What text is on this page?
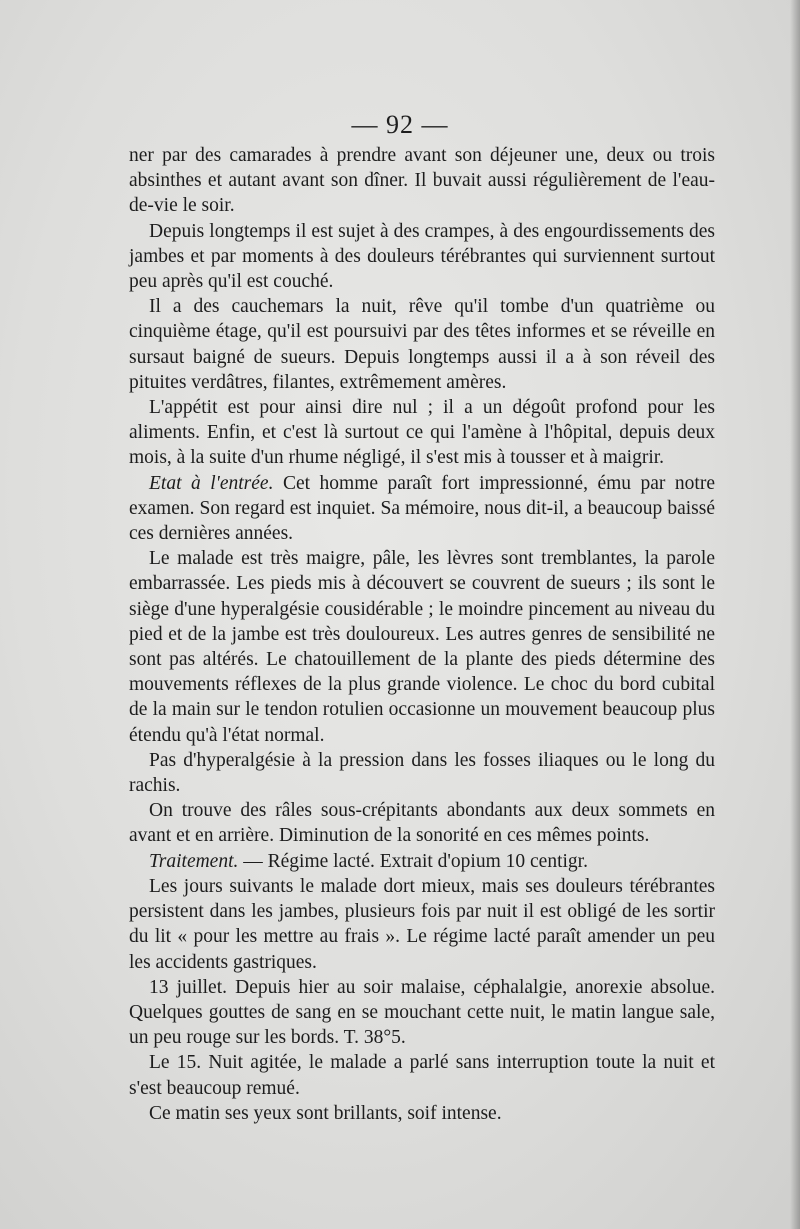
— 92 —

ner par des camarades à prendre avant son déjeuner une, deux ou trois absinthes et autant avant son dîner. Il buvait aussi régulièrement de l'eau-de-vie le soir.

Depuis longtemps il est sujet à des crampes, à des engourdissements des jambes et par moments à des douleurs térébrantes qui surviennent surtout peu après qu'il est couché.

Il a des cauchemars la nuit, rêve qu'il tombe d'un quatrième ou cinquième étage, qu'il est poursuivi par des têtes informes et se réveille en sursaut baigné de sueurs. Depuis longtemps aussi il a à son réveil des pituites verdâtres, filantes, extrêmement amères.

L'appétit est pour ainsi dire nul ; il a un dégoût profond pour les aliments. Enfin, et c'est là surtout ce qui l'amène à l'hôpital, depuis deux mois, à la suite d'un rhume négligé, il s'est mis à tousser et à maigrir.

Etat à l'entrée. Cet homme paraît fort impressionné, ému par notre examen. Son regard est inquiet. Sa mémoire, nous dit-il, a beaucoup baissé ces dernières années.

Le malade est très maigre, pâle, les lèvres sont tremblantes, la parole embarrassée. Les pieds mis à découvert se couvrent de sueurs ; ils sont le siège d'une hyperalgésie cousidérable ; le moindre pincement au niveau du pied et de la jambe est très douloureux. Les autres genres de sensibilité ne sont pas altérés. Le chatouillement de la plante des pieds détermine des mouvements réflexes de la plus grande violence. Le choc du bord cubital de la main sur le tendon rotulien occasionne un mouvement beaucoup plus étendu qu'à l'état normal.

Pas d'hyperalgésie à la pression dans les fosses iliaques ou le long du rachis.

On trouve des râles sous-crépitants abondants aux deux sommets en avant et en arrière. Diminution de la sonorité en ces mêmes points.

Traitement. — Régime lacté. Extrait d'opium 10 centigr.

Les jours suivants le malade dort mieux, mais ses douleurs térébrantes persistent dans les jambes, plusieurs fois par nuit il est obligé de les sortir du lit « pour les mettre au frais ». Le régime lacté paraît amender un peu les accidents gastriques.

13 juillet. Depuis hier au soir malaise, céphalalgie, anorexie absolue. Quelques gouttes de sang en se mouchant cette nuit, le matin langue sale, un peu rouge sur les bords. T. 38°5.

Le 15. Nuit agitée, le malade a parlé sans interruption toute la nuit et s'est beaucoup remué.

Ce matin ses yeux sont brillants, soif intense.
